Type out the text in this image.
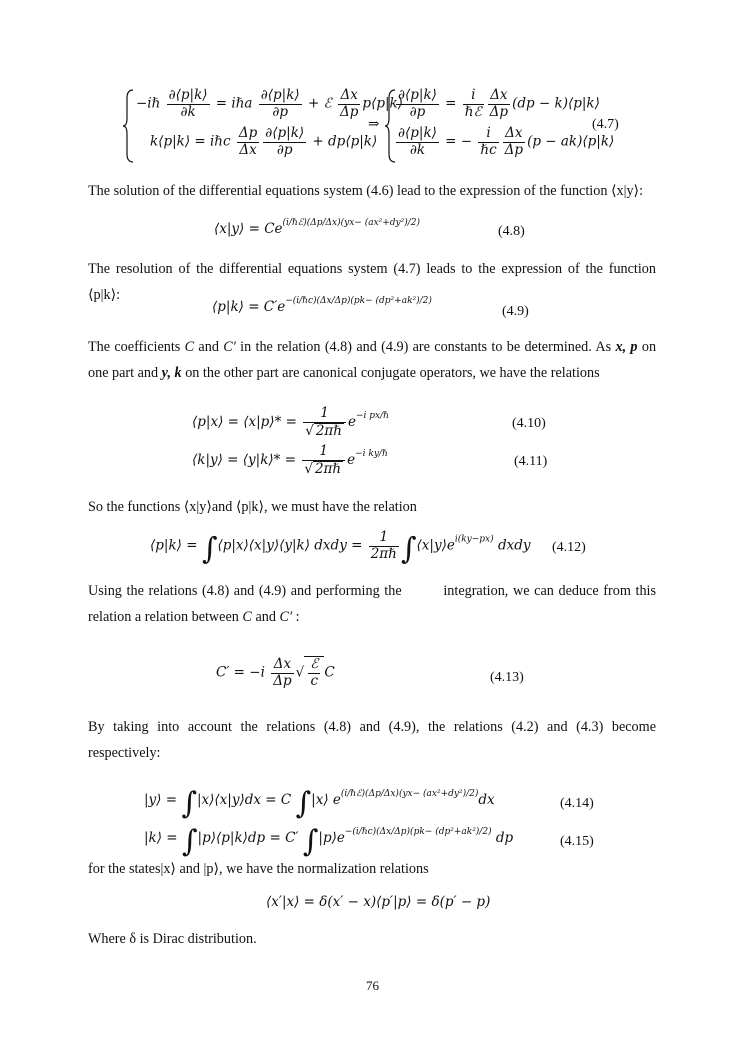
−iℏ $\frac{\partial⟨p|k⟩}{\partial k}$ = iℏa $\frac{\partial⟨p|k⟩}{\partial p}$ + ℰ $\frac{\Delta x}{\Delta p}$ p⟨p|k⟩
k⟨p|k⟩ = iℏc $\frac{\Delta p}{\Delta x} \frac{\partial⟨p|k⟩}{\partial p}$ + dp⟨p|k⟩
⇒
$\frac{\partial⟨p|k⟩}{\partial p} = \frac{i}{\text{ℏℰ}} \frac{\Delta x}{\Delta p} (dp$ − k)⟨p|k⟩
$\frac{\partial⟨p|k⟩}{\partial k}$ = − $\frac{i}{\text{ℏc}} \frac{\Delta x}{\Delta p} (p$ − ak)⟨p|k⟩
(4.7)
The solution of the differential equations system (4.6) lead to the expression of the function ⟨x|y⟩:
⟨x|y⟩ = $Ce^{(i/\hbar ℰ)(\Delta p/\Delta x)(yx- (ax^2+dy^2)/2)}$
(4.8)
The resolution of the differential equations system (4.7) leads to the expression of the function ⟨p|k⟩:
⟨p|k⟩ = $C'e^{-(i/\hbar c)(\Delta x/\Delta p)(pk- (dp^2+ak^2)/2)}$
(4.9)
The coefficients C and C′ in the relation (4.8) and (4.9) are constants to be determined. As x, p on one part and y, k on the other part are canonical conjugate operators, we have the relations
⟨p|x⟩ = ⟨x|p⟩* = $\frac{1}{\text{√ 2πℏ}} e^{-i px/\hbar}$	(4.10)
⟨k|y⟩ = ⟨y|k⟩* = $\frac{1}{\text{√ 2πℏ}} e^{-i ky/\hbar}$	(4.11)
So the functions ⟨x|y⟩and ⟨p|k⟩, we must have the relation
⟨p|k⟩ = ∫⟨p|x⟩⟨x|y⟩⟨y|k⟩ dxdy = $\frac{1}{\text{2πℏ}}$ $\int⟨x|y⟩e^{i(ky-px)}$ dxdy (4.12)
Using the relations (4.8) and (4.9) and performing the	integration, we can deduce from this relation a relation between C and C′ :
$C' = -i \frac{\Delta x}{\Delta p}$ √ $\frac{\text{ℰ}}{c}$ C	(4.13)
By taking into account the relations (4.8) and (4.9), the relations (4.2) and (4.3) become respectively:
|y⟩ = ∫|x⟩⟨x|y⟩dx = C ∫|x⟩ $e^{(i/\hbar ℰ)(\Delta p/\Delta x)(yx- (ax^2+dy^2)/2)}dx$	(4.14)
|k⟩ = ∫|p⟩⟨p|k⟩dp = C′ $\int|p⟩e^{-(i/\hbar c)(\Delta x/\Delta p)(pk- (dp^2+ak^2)/2)}$ dp	(4.15)
for the states|x⟩ and |p⟩, we have the normalization relations
⟨x′|x⟩ = δ(x′ − x)⟨p′|p⟩ = δ(p′ − p)
Where δ is Dirac distribution.
76
